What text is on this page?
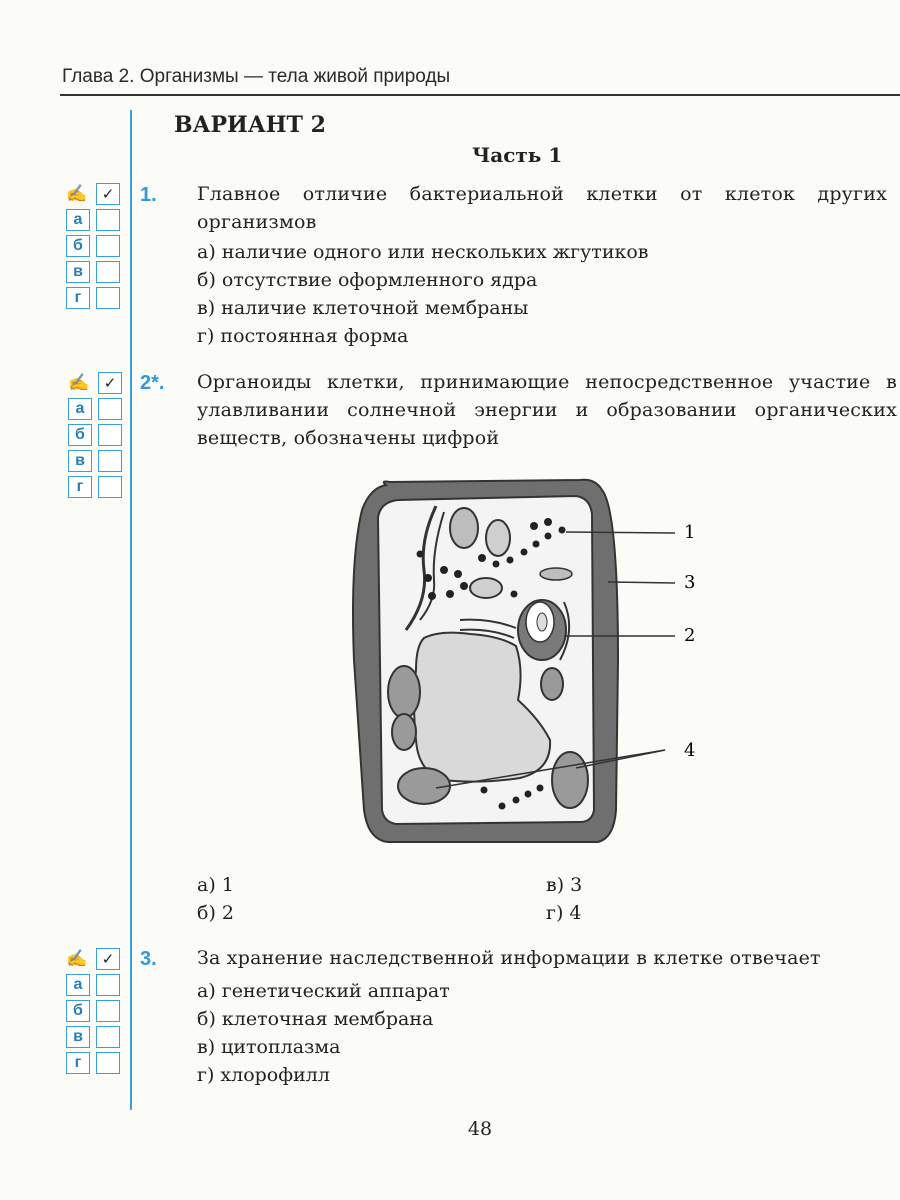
Глава 2. Организмы — тела живой природы
ВАРИАНТ 2
Часть 1
✍ ✓
а
б
в
г
1. Главное отличие бактериальной клетки от клеток других организмов
а) наличие одного или нескольких жгутиков
б) отсутствие оформленного ядра
в) наличие клеточной мембраны
г) постоянная форма
✍ ✓
а
б
в
г
2*. Органоиды клетки, принимающие непосредственное участие в улавливании солнечной энергии и образовании органических веществ, обозначены цифрой
1
3
2
4
а) 1
б) 2
в) 3
г) 4
✍ ✓
а
б
в
г
3. За хранение наследственной информации в клетке отвечает
а) генетический аппарат
б) клеточная мембрана
в) цитоплазма
г) хлорофилл
48
